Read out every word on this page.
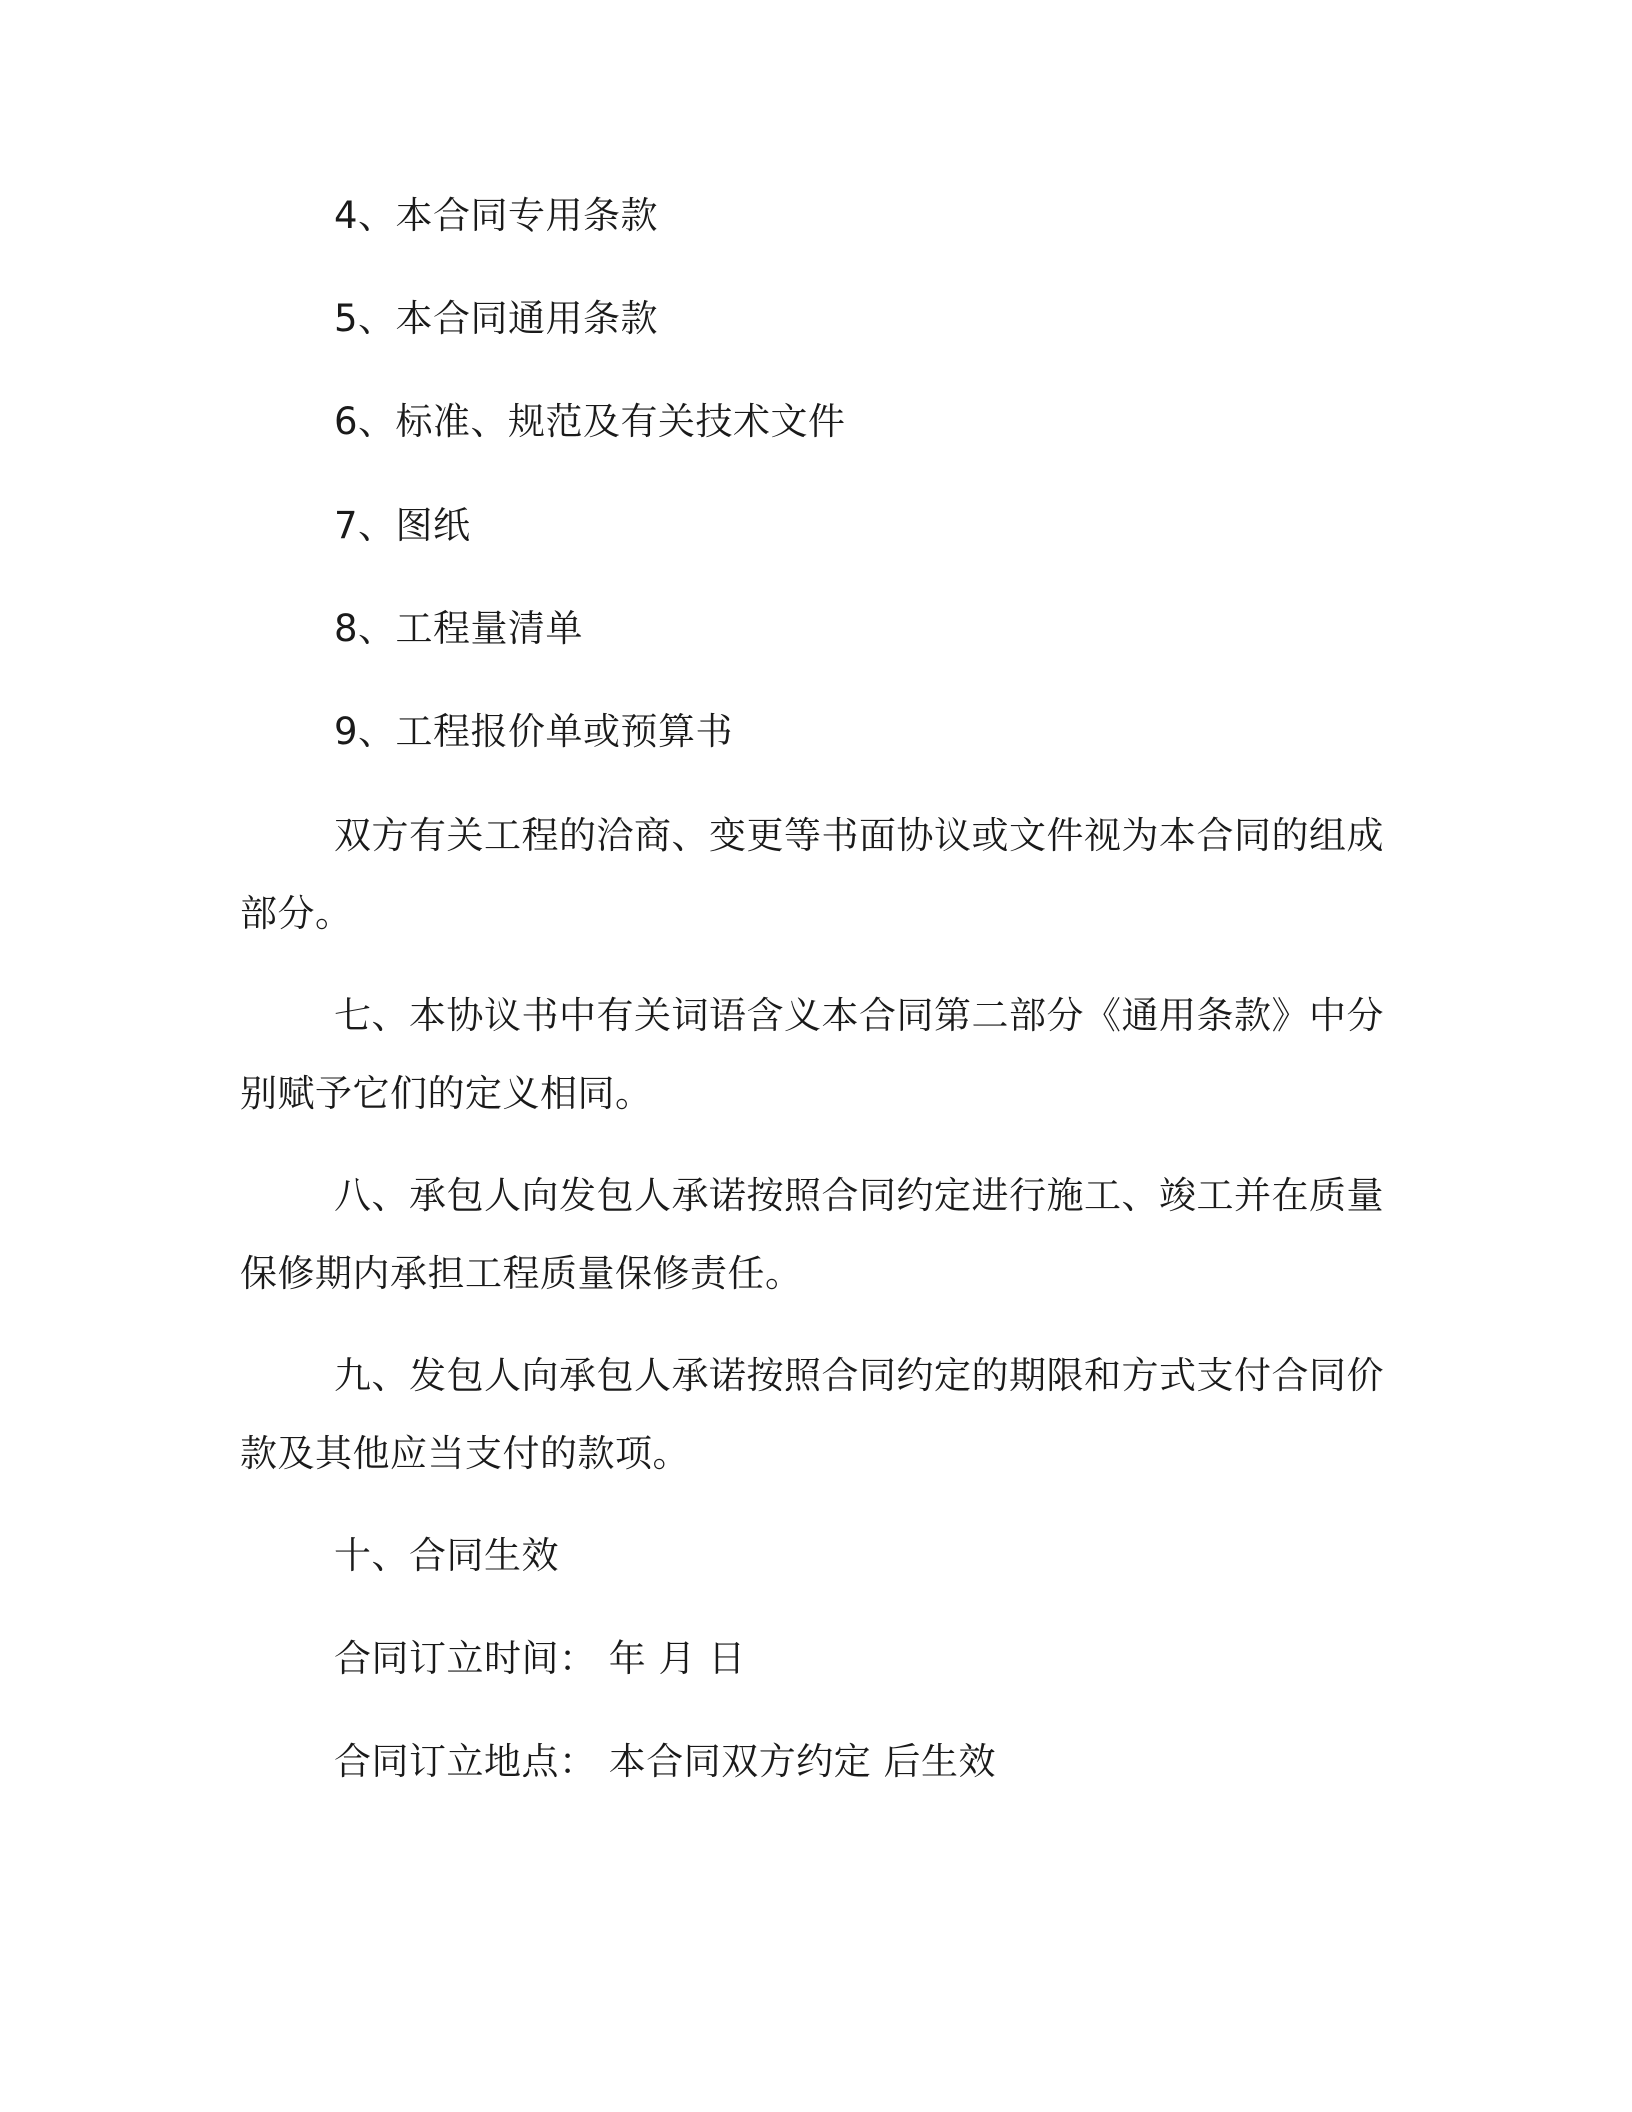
4、本合同专用条款
5、本合同通用条款
6、标准、规范及有关技术文件
7、图纸
8、工程量清单
9、工程报价单或预算书
双方有关工程的洽商、变更等书面协议或文件视为本合同的组成
部分。
七、本协议书中有关词语含义本合同第二部分《通用条款》中分
别赋予它们的定义相同。
八、承包人向发包人承诺按照合同约定进行施工、竣工并在质量
保修期内承担工程质量保修责任。
九、发包人向承包人承诺按照合同约定的期限和方式支付合同价
款及其他应当支付的款项。
十、合同生效
合同订立时间： 年 月 日
合同订立地点： 本合同双方约定 后生效
